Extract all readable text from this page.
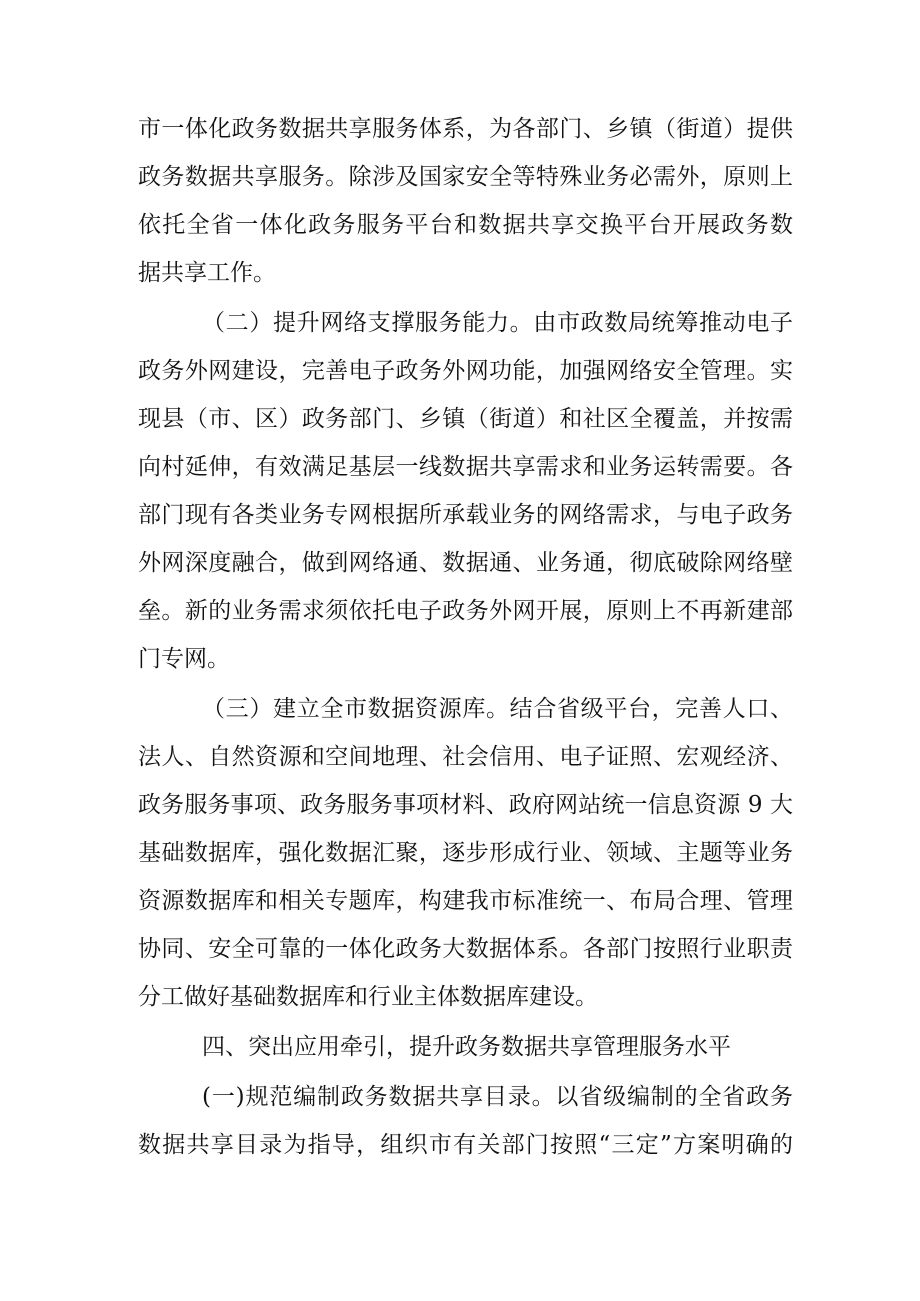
市一体化政务数据共享服务体系，为各部门、乡镇（街道）提供
政务数据共享服务。除涉及国家安全等特殊业务必需外，原则上
依托全省一体化政务服务平台和数据共享交换平台开展政务数
据共享工作。
（二）提升网络支撑服务能力。由市政数局统筹推动电子
政务外网建设，完善电子政务外网功能，加强网络安全管理。实
现县（市、区）政务部门、乡镇（街道）和社区全覆盖，并按需
向村延伸，有效满足基层一线数据共享需求和业务运转需要。各
部门现有各类业务专网根据所承载业务的网络需求，与电子政务
外网深度融合，做到网络通、数据通、业务通，彻底破除网络壁
垒。新的业务需求须依托电子政务外网开展，原则上不再新建部
门专网。
（三）建立全市数据资源库。结合省级平台，完善人口、
法人、自然资源和空间地理、社会信用、电子证照、宏观经济、
政务服务事项、政务服务事项材料、政府网站统一信息资源 9 大
基础数据库，强化数据汇聚，逐步形成行业、领域、主题等业务
资源数据库和相关专题库，构建我市标准统一、布局合理、管理
协同、安全可靠的一体化政务大数据体系。各部门按照行业职责
分工做好基础数据库和行业主体数据库建设。
四、突出应用牵引，提升政务数据共享管理服务水平
(一)规范编制政务数据共享目录。以省级编制的全省政务
数据共享目录为指导，组织市有关部门按照“三定”方案明确的
